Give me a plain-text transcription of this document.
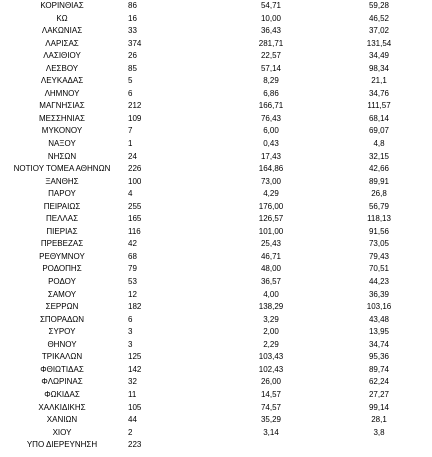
ΚΟΡΙΝΘΙΑΣ	86	54,71	59,28
ΚΩ	16	10,00	46,52
ΛΑΚΩΝΙΑΣ	33	36,43	37,02
ΛΑΡΙΣΑΣ	374	281,71	131,54
ΛΑΣΙΘΙΟΥ	26	22,57	34,49
ΛΕΣΒΟΥ	85	57,14	98,34
ΛΕΥΚΑΔΑΣ	5	8,29	21,1
ΛΗΜΝΟΥ	6	6,86	34,76
ΜΑΓΝΗΣΙΑΣ	212	166,71	111,57
ΜΕΣΣΗΝΙΑΣ	109	76,43	68,14
ΜΥΚΟΝΟΥ	7	6,00	69,07
ΝΑΞΟΥ	1	0,43	4,8
ΝΗΣΩΝ	24	17,43	32,15
ΝΟΤΙΟΥ ΤΟΜΕΑ ΑΘΗΝΩΝ	226	164,86	42,66
ΞΑΝΘΗΣ	100	73,00	89,91
ΠΑΡΟΥ	4	4,29	26,8
ΠΕΙΡΑΙΩΣ	255	176,00	56,79
ΠΕΛΛΑΣ	165	126,57	118,13
ΠΙΕΡΙΑΣ	116	101,00	91,56
ΠΡΕΒΕΖΑΣ	42	25,43	73,05
ΡΕΘΥΜΝΟΥ	68	46,71	79,43
ΡΟΔΟΠΗΣ	79	48,00	70,51
ΡΟΔΟΥ	53	36,57	44,23
ΣΑΜΟΥ	12	4,00	36,39
ΣΕΡΡΩΝ	182	138,29	103,16
ΣΠΟΡΑΔΩΝ	6	3,29	43,48
ΣΥΡΟΥ	3	2,00	13,95
ΘΗΝΟΥ	3	2,29	34,74
ΤΡΙΚΑΛΩΝ	125	103,43	95,36
ΦΘΙΩΤΙΔΑΣ	142	102,43	89,74
ΦΛΩΡΙΝΑΣ	32	26,00	62,24
ΦΩΚΙΔΑΣ	11	14,57	27,27
ΧΑΛΚΙΔΙΚΗΣ	105	74,57	99,14
ΧΑΝΙΩΝ	44	35,29	28,1
ΧΙΟΥ	2	3,14	3,8
ΥΠΟ ΔΙΕΡΕΥΝΗΣΗ	223
